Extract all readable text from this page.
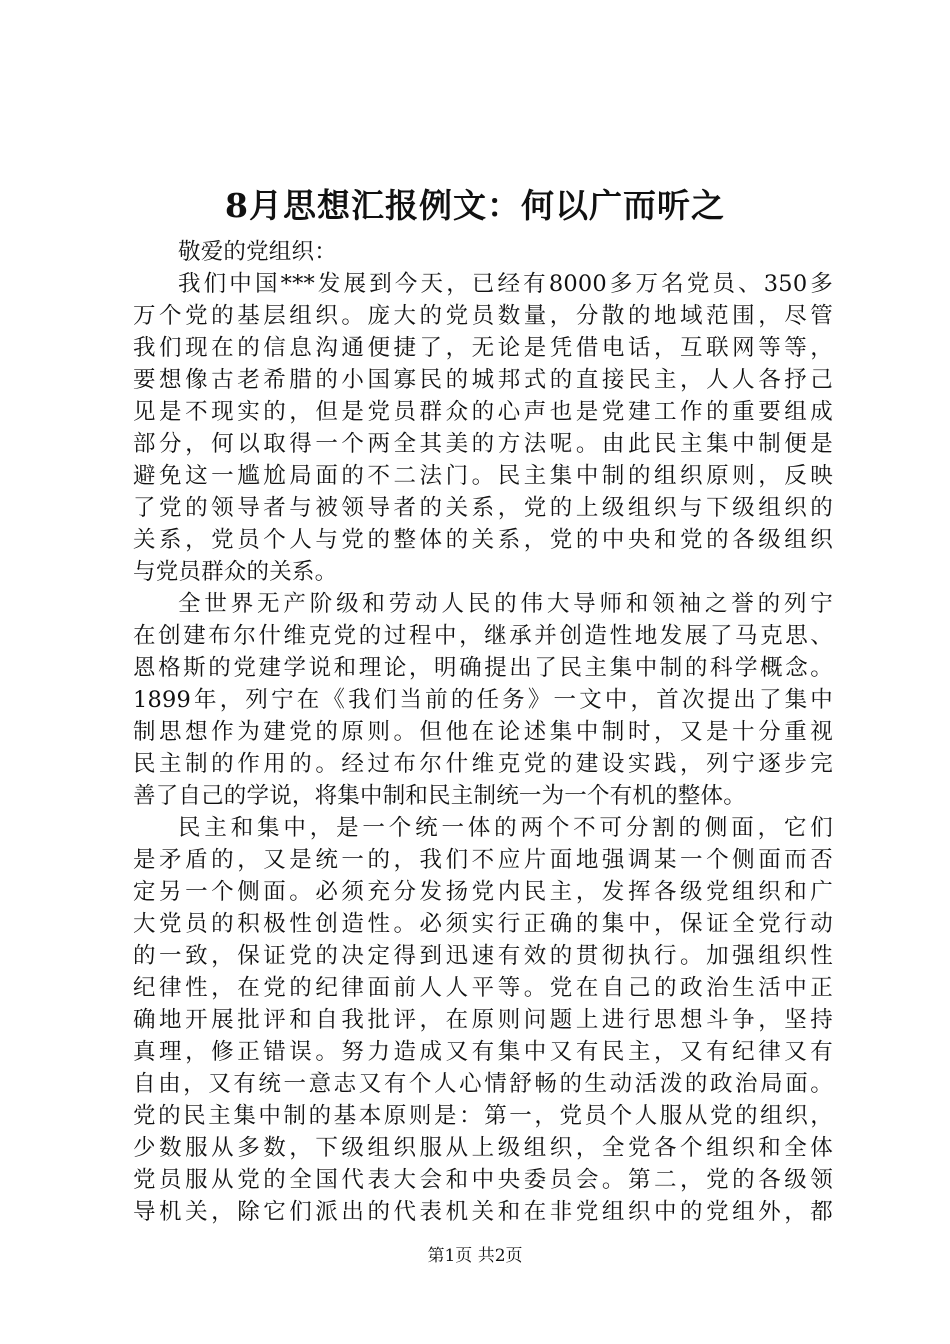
8月思想汇报例文：何以广而听之
敬爱的党组织：
我们中国***发展到今天，已经有8000多万名党员、350多
万个党的基层组织。庞大的党员数量，分散的地域范围，尽管
我们现在的信息沟通便捷了，无论是凭借电话，互联网等等，
要想像古老希腊的小国寡民的城邦式的直接民主，人人各抒己
见是不现实的，但是党员群众的心声也是党建工作的重要组成
部分，何以取得一个两全其美的方法呢。由此民主集中制便是
避免这一尴尬局面的不二法门。民主集中制的组织原则，反映
了党的领导者与被领导者的关系，党的上级组织与下级组织的
关系，党员个人与党的整体的关系，党的中央和党的各级组织
与党员群众的关系。
全世界无产阶级和劳动人民的伟大导师和领袖之誉的列宁
在创建布尔什维克党的过程中，继承并创造性地发展了马克思、
恩格斯的党建学说和理论，明确提出了民主集中制的科学概念。
1899年，列宁在《我们当前的任务》一文中，首次提出了集中
制思想作为建党的原则。但他在论述集中制时，又是十分重视
民主制的作用的。经过布尔什维克党的建设实践，列宁逐步完
善了自己的学说，将集中制和民主制统一为一个有机的整体。
民主和集中，是一个统一体的两个不可分割的侧面，它们
是矛盾的，又是统一的，我们不应片面地强调某一个侧面而否
定另一个侧面。必须充分发扬党内民主，发挥各级党组织和广
大党员的积极性创造性。必须实行正确的集中，保证全党行动
的一致，保证党的决定得到迅速有效的贯彻执行。加强组织性
纪律性，在党的纪律面前人人平等。党在自己的政治生活中正
确地开展批评和自我批评，在原则问题上进行思想斗争，坚持
真理，修正错误。努力造成又有集中又有民主，又有纪律又有
自由，又有统一意志又有个人心情舒畅的生动活泼的政治局面。
党的民主集中制的基本原则是：第一，党员个人服从党的组织，
少数服从多数，下级组织服从上级组织，全党各个组织和全体
党员服从党的全国代表大会和中央委员会。第二，党的各级领
导机关，除它们派出的代表机关和在非党组织中的党组外，都
第1页 共2页
